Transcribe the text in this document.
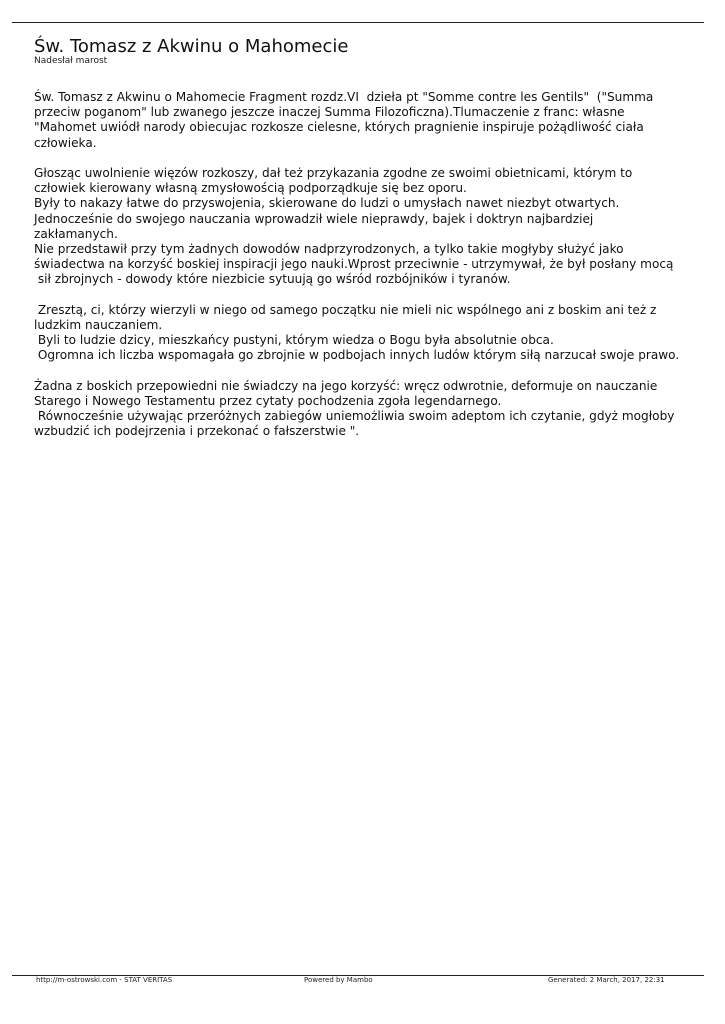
Św. Tomasz z Akwinu o Mahomecie
Nadesłał marost
Św. Tomasz z Akwinu o Mahomecie Fragment rozdz.VI  dzieła pt "Somme contre les Gentils"  ("Summa
przeciw poganom" lub zwanego jeszcze inaczej Summa Filozoficzna).Tlumaczenie z franc: własne
"Mahomet uwiódł narody obiecujac rozkosze cielesne, których pragnienie inspiruje pożądliwość ciała
człowieka.
Głosząc uwolnienie więzów rozkoszy, dał też przykazania zgodne ze swoimi obietnicami, którym to
człowiek kierowany własną zmysłowością podporządkuje się bez oporu.
Były to nakazy łatwe do przyswojenia, skierowane do ludzi o umysłach nawet niezbyt otwartych.
Jednocześnie do swojego nauczania wprowadził wiele nieprawdy, bajek i doktryn najbardziej
zakłamanych.
Nie przedstawił przy tym żadnych dowodów nadprzyrodzonych, a tylko takie mogłyby służyć jako
świadectwa na korzyść boskiej inspiracji jego nauki.Wprost przeciwnie - utrzymywał, że był posłany mocą
sił zbrojnych - dowody które niezbicie sytuują go wśród rozbójników i tyranów.
Zresztą, ci, którzy wierzyli w niego od samego początku nie mieli nic wspólnego ani z boskim ani też z
ludzkim nauczaniem.
Byli to ludzie dzicy, mieszkańcy pustyni, którym wiedza o Bogu była absolutnie obca.
Ogromna ich liczba wspomagała go zbrojnie w podbojach innych ludów którym siłą narzucał swoje prawo.
Żadna z boskich przepowiedni nie świadczy na jego korzyść: wręcz odwrotnie, deformuje on nauczanie
Starego i Nowego Testamentu przez cytaty pochodzenia zgoła legendarnego.
Równocześnie używając przeróżnych zabiegów uniemożliwia swoim adeptom ich czytanie, gdyż mogłoby
wzbudzić ich podejrzenia i przekonać o fałszerstwie ".
http://m-ostrowski.com - STAT VERITAS	Powered by Mambo	Generated: 2 March, 2017, 22:31
